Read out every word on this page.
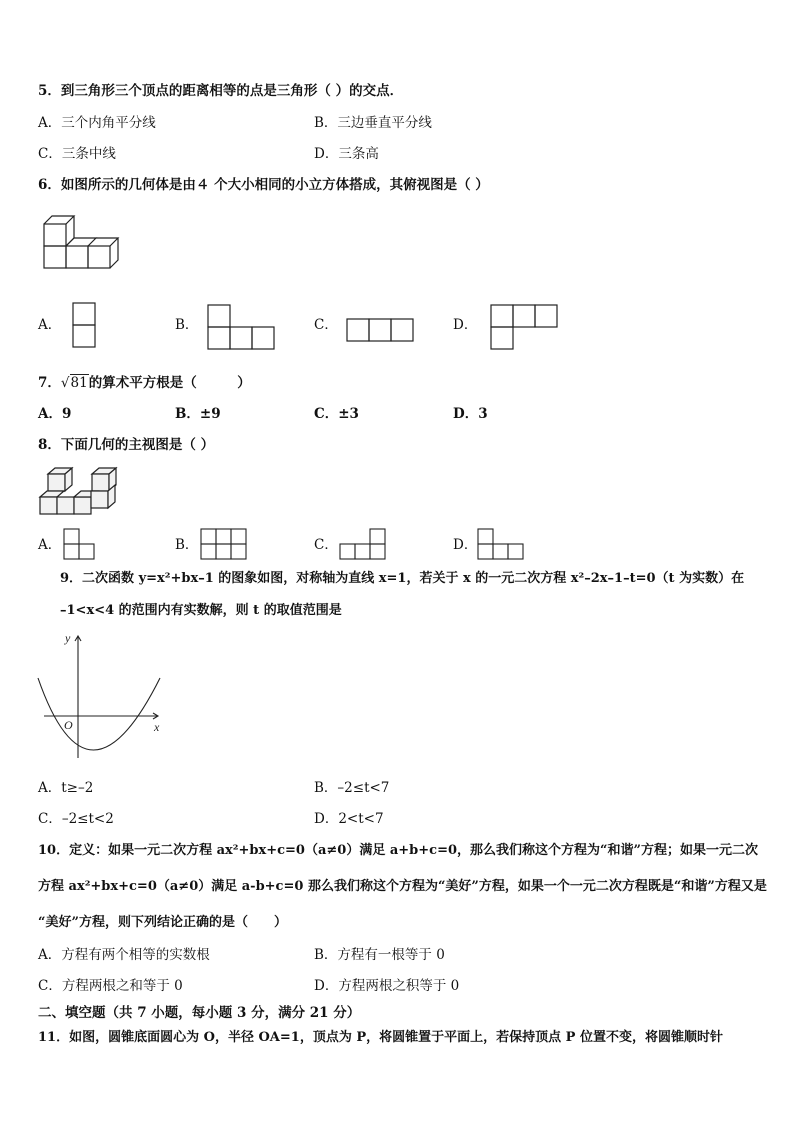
5．到三角形三个顶点的距离相等的点是三角形（ ）的交点．
A．三个内角平分线	B．三边垂直平分线
C．三条中线	D．三条高
6．如图所示的几何体是由４ 个大小相同的小立方体搭成，其俯视图是（ ）
A．	B．	C．	D．
7．√81的算术平方根是（　　　）
A．9	B．±9	C．±3	D．3
8．下面几何的主视图是（ ）
A．	B．	C．	D．
9．二次函数 y=x²+bx–1 的图象如图，对称轴为直线 x=1，若关于 x 的一元二次方程 x²–2x–1–t=0（t 为实数）在
–1<x<4 的范围内有实数解，则 t 的取值范围是
y
x
O
A．t≥–2	B．–2≤t<7
C．–2≤t<2	D．2<t<7
10．定义：如果一元二次方程 ax²+bx+c=0（a≠0）满足 a+b+c=0，那么我们称这个方程为“和谐”方程；如果一元二次
方程 ax²+bx+c=0（a≠0）满足 a-b+c=0 那么我们称这个方程为“美好”方程，如果一个一元二次方程既是“和谐”方程又是
“美好”方程，则下列结论正确的是（　　）
A．方程有两个相等的实数根	B．方程有一根等于 0
C．方程两根之和等于 0	D．方程两根之积等于 0
二、填空题（共 7 小题，每小题 3 分，满分 21 分）
11．如图，圆锥底面圆心为 O，半径 OA=1，顶点为 P，将圆锥置于平面上，若保持顶点 P 位置不变，将圆锥顺时针
